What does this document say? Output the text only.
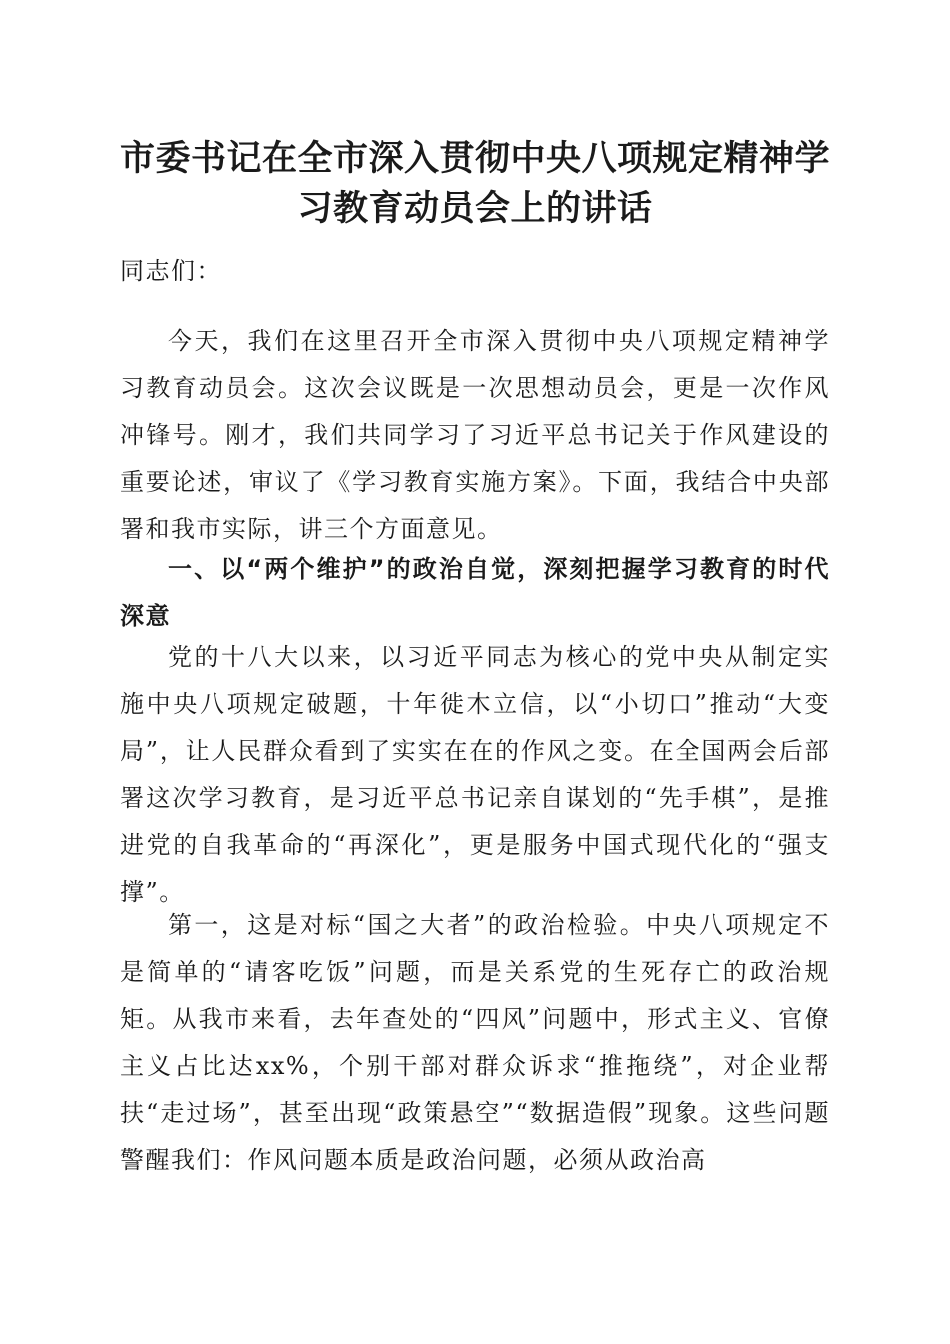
市委书记在全市深入贯彻中央八项规定精神学
习教育动员会上的讲话

同志们：

今天，我们在这里召开全市深入贯彻中央八项规定精神学习教育动员会。这次会议既是一次思想动员会，更是一次作风冲锋号。刚才，我们共同学习了习近平总书记关于作风建设的重要论述，审议了《学习教育实施方案》。下面，我结合中央部署和我市实际，讲三个方面意见。

一、以“两个维护”的政治自觉，深刻把握学习教育的时代深意

党的十八大以来，以习近平同志为核心的党中央从制定实施中央八项规定破题，十年徙木立信，以“小切口”推动“大变局”，让人民群众看到了实实在在的作风之变。在全国两会后部署这次学习教育，是习近平总书记亲自谋划的“先手棋”，是推进党的自我革命的“再深化”，更是服务中国式现代化的“强支撑”。

第一，这是对标“国之大者”的政治检验。中央八项规定不是简单的“请客吃饭”问题，而是关系党的生死存亡的政治规矩。从我市来看，去年查处的“四风”问题中，形式主义、官僚主义占比达xx%，个别干部对群众诉求“推拖绕”，对企业帮扶“走过场”，甚至出现“政策悬空”“数据造假”现象。这些问题警醒我们：作风问题本质是政治问题，必须从政治高
